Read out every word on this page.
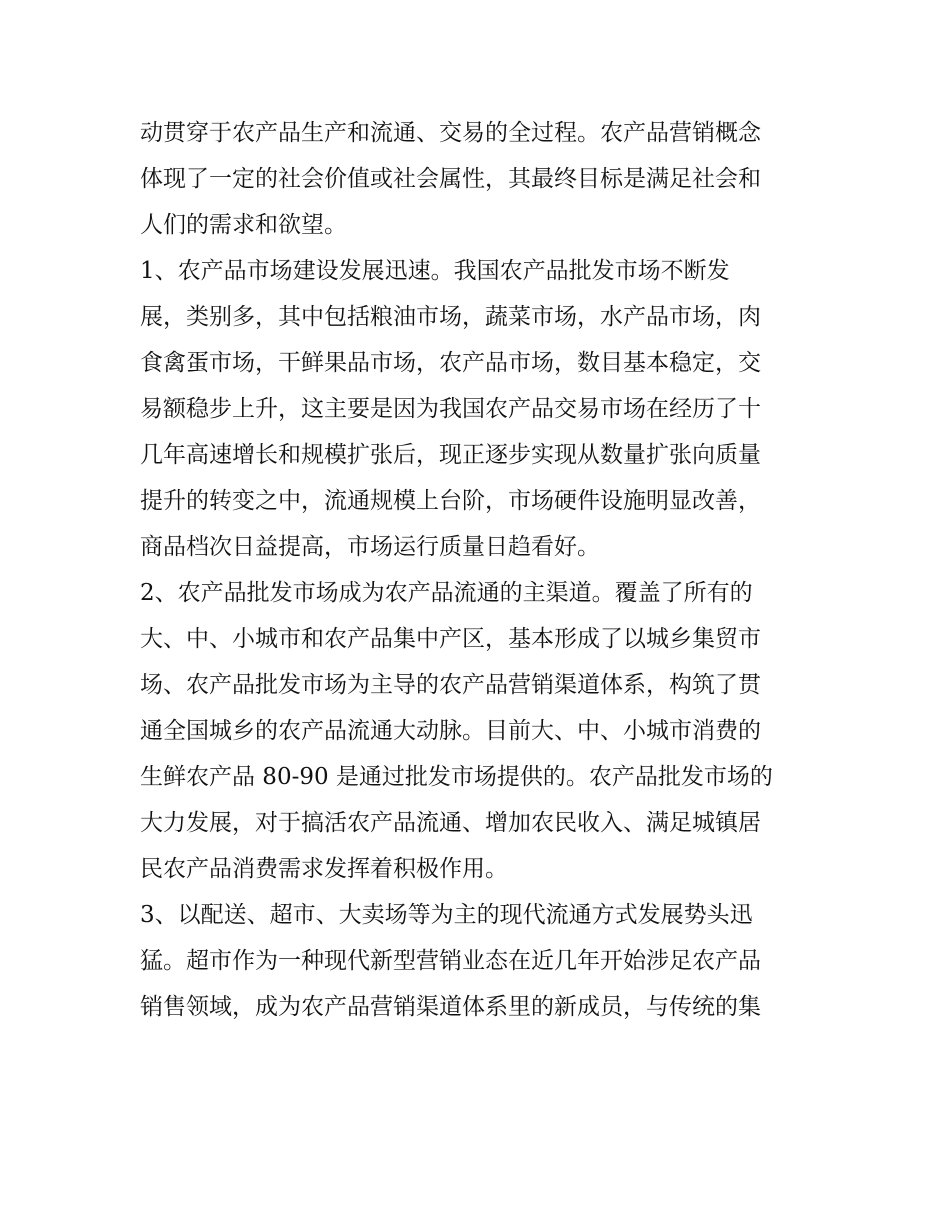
动贯穿于农产品生产和流通、交易的全过程。农产品营销概念
体现了一定的社会价值或社会属性，其最终目标是满足社会和
人们的需求和欲望。
1、农产品市场建设发展迅速。我国农产品批发市场不断发
展，类别多，其中包括粮油市场，蔬菜市场，水产品市场，肉
食禽蛋市场，干鲜果品市场，农产品市场，数目基本稳定，交
易额稳步上升，这主要是因为我国农产品交易市场在经历了十
几年高速增长和规模扩张后，现正逐步实现从数量扩张向质量
提升的转变之中，流通规模上台阶，市场硬件设施明显改善，
商品档次日益提高，市场运行质量日趋看好。
2、农产品批发市场成为农产品流通的主渠道。覆盖了所有的
大、中、小城市和农产品集中产区，基本形成了以城乡集贸市
场、农产品批发市场为主导的农产品营销渠道体系，构筑了贯
通全国城乡的农产品流通大动脉。目前大、中、小城市消费的
生鲜农产品 80-90 是通过批发市场提供的。农产品批发市场的
大力发展，对于搞活农产品流通、增加农民收入、满足城镇居
民农产品消费需求发挥着积极作用。
3、以配送、超市、大卖场等为主的现代流通方式发展势头迅
猛。超市作为一种现代新型营销业态在近几年开始涉足农产品
销售领域，成为农产品营销渠道体系里的新成员，与传统的集
